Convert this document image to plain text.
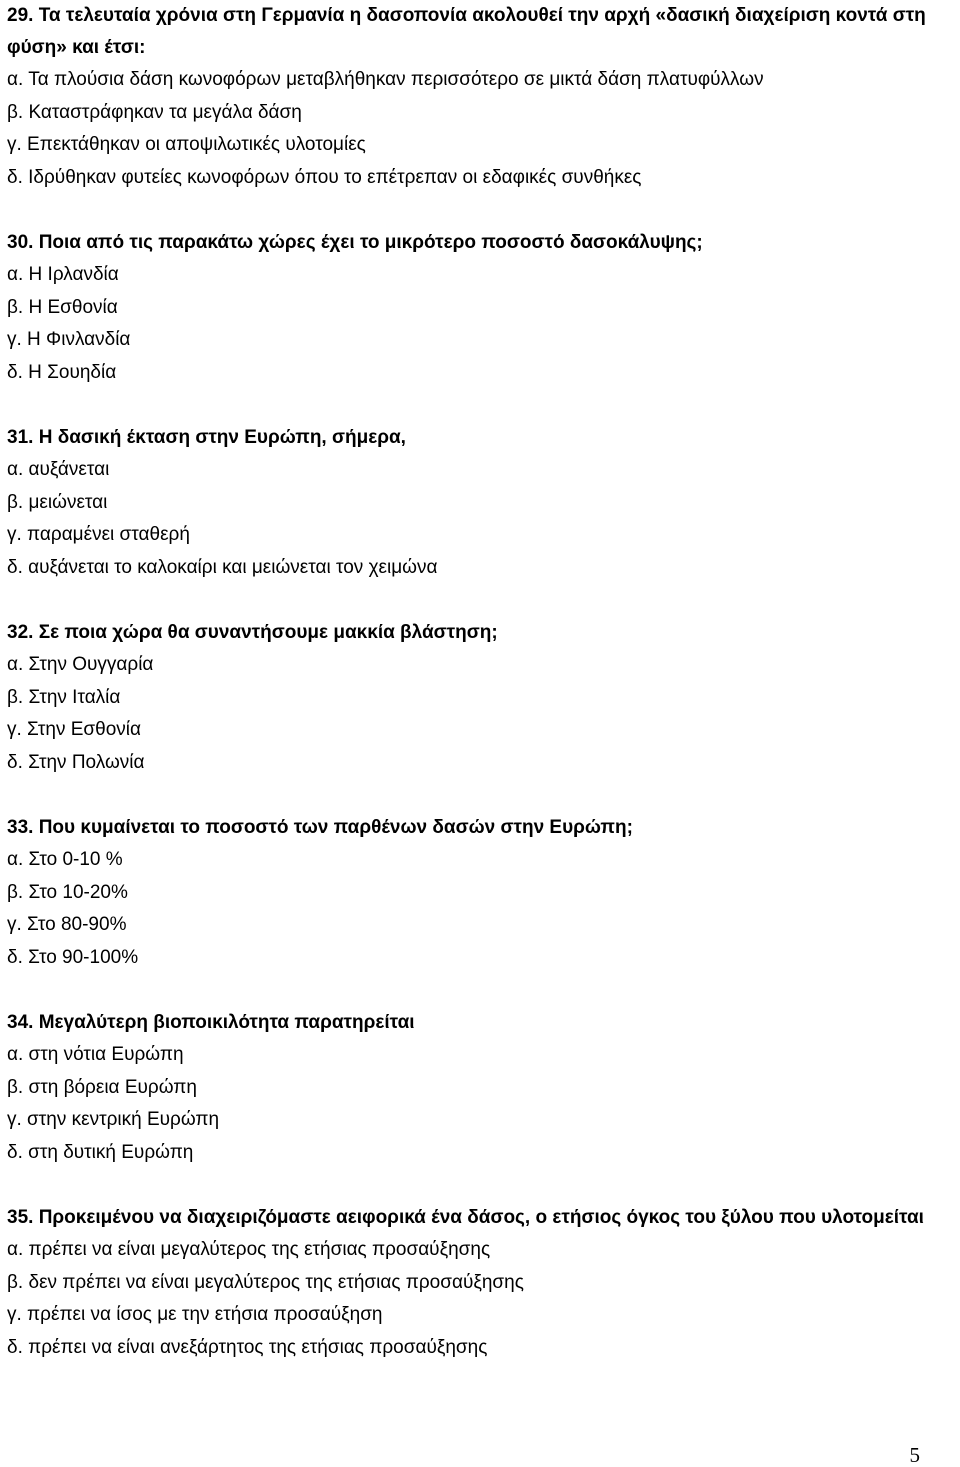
29. Τα τελευταία χρόνια στη Γερμανία η δασοπονία ακολουθεί την αρχή «δασική διαχείριση κοντά στη φύση» και έτσι:

α. Τα πλούσια δάση κωνοφόρων μεταβλήθηκαν περισσότερο σε μικτά δάση πλατυφύλλων

β. Καταστράφηκαν τα μεγάλα δάση

γ. Επεκτάθηκαν οι αποψιλωτικές υλοτομίες

δ. Ιδρύθηκαν φυτείες κωνοφόρων όπου το επέτρεπαν οι εδαφικές συνθήκες

30. Ποια από τις παρακάτω χώρες έχει το μικρότερο ποσοστό δασοκάλυψης;

α. Η Ιρλανδία

β. Η Εσθονία

γ. Η Φινλανδία

δ. Η Σουηδία

31. Η δασική έκταση στην Ευρώπη, σήμερα,

α. αυξάνεται

β. μειώνεται

γ. παραμένει σταθερή

δ. αυξάνεται το καλοκαίρι και μειώνεται τον χειμώνα

32. Σε ποια χώρα θα συναντήσουμε μακκία βλάστηση;

α. Στην Ουγγαρία

β. Στην Ιταλία

γ. Στην Εσθονία

δ. Στην Πολωνία

33. Που κυμαίνεται το ποσοστό των παρθένων δασών στην Ευρώπη;

α. Στο 0-10 %

β. Στο 10-20%

γ. Στο 80-90%

δ. Στο 90-100%

34. Μεγαλύτερη βιοποικιλότητα παρατηρείται

α. στη νότια Ευρώπη

β. στη βόρεια Ευρώπη

γ. στην κεντρική Ευρώπη

δ. στη δυτική Ευρώπη

35. Προκειμένου να διαχειριζόμαστε αειφορικά ένα δάσος, ο ετήσιος όγκος του ξύλου που υλοτομείται

α. πρέπει να είναι μεγαλύτερος της ετήσιας προσαύξησης

β. δεν πρέπει να είναι μεγαλύτερος της ετήσιας προσαύξησης

γ. πρέπει να ίσος με την ετήσια προσαύξηση

δ. πρέπει να είναι ανεξάρτητος της ετήσιας προσαύξησης

5
